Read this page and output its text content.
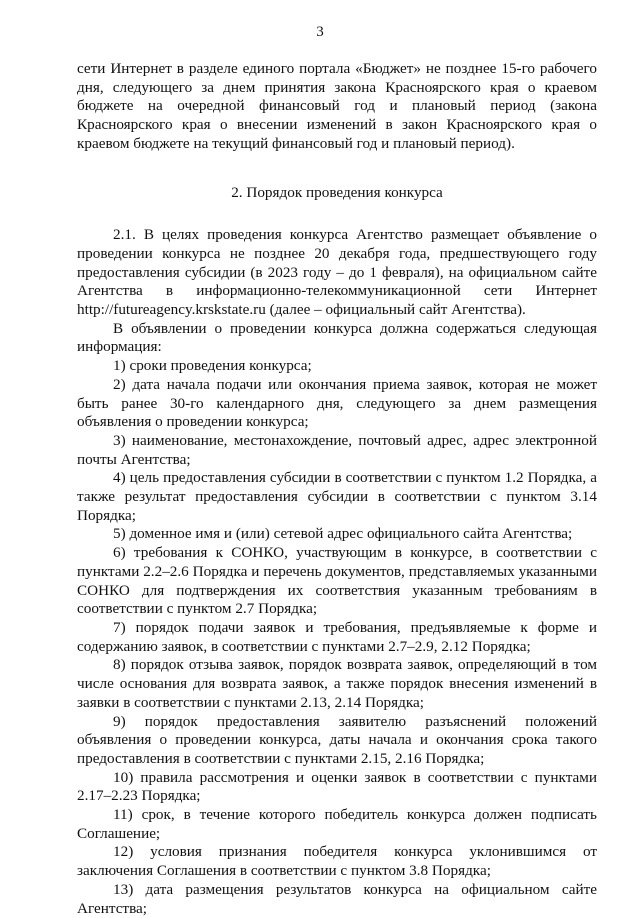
3

сети Интернет в разделе единого портала «Бюджет» не позднее 15-го рабочего дня, следующего за днем принятия закона Красноярского края о краевом бюджете на очередной финансовый год и плановый период (закона Красноярского края о внесении изменений в закон Красноярского края о краевом бюджете на текущий финансовый год и плановый период).

2. Порядок проведения конкурса

2.1. В целях проведения конкурса Агентство размещает объявление о проведении конкурса не позднее 20 декабря года, предшествующего году предоставления субсидии (в 2023 году – до 1 февраля), на официальном сайте Агентства в информационно-телекоммуникационной сети Интернет http://futureagency.krskstate.ru (далее – официальный сайт Агентства).

В объявлении о проведении конкурса должна содержаться следующая информация:

1) сроки проведения конкурса;

2) дата начала подачи или окончания приема заявок, которая не может быть ранее 30-го календарного дня, следующего за днем размещения объявления о проведении конкурса;

3) наименование, местонахождение, почтовый адрес, адрес электронной почты Агентства;

4) цель предоставления субсидии в соответствии с пунктом 1.2 Порядка, а также результат предоставления субсидии в соответствии с пунктом 3.14 Порядка;

5) доменное имя и (или) сетевой адрес официального сайта Агентства;

6) требования к СОНКО, участвующим в конкурсе, в соответствии с пунктами 2.2–2.6 Порядка и перечень документов, представляемых указанными СОНКО для подтверждения их соответствия указанным требованиям в соответствии с пунктом 2.7 Порядка;

7) порядок подачи заявок и требования, предъявляемые к форме и содержанию заявок, в соответствии с пунктами 2.7–2.9, 2.12 Порядка;

8) порядок отзыва заявок, порядок возврата заявок, определяющий в том числе основания для возврата заявок, а также порядок внесения изменений в заявки в соответствии с пунктами 2.13, 2.14 Порядка;

9) порядок предоставления заявителю разъяснений положений объявления о проведении конкурса, даты начала и окончания срока такого предоставления в соответствии с пунктами 2.15, 2.16 Порядка;

10) правила рассмотрения и оценки заявок в соответствии с пунктами 2.17–2.23 Порядка;

11) срок, в течение которого победитель конкурса должен подписать Соглашение;

12) условия признания победителя конкурса уклонившимся от заключения Соглашения в соответствии с пунктом 3.8 Порядка;

13) дата размещения результатов конкурса на официальном сайте Агентства;
